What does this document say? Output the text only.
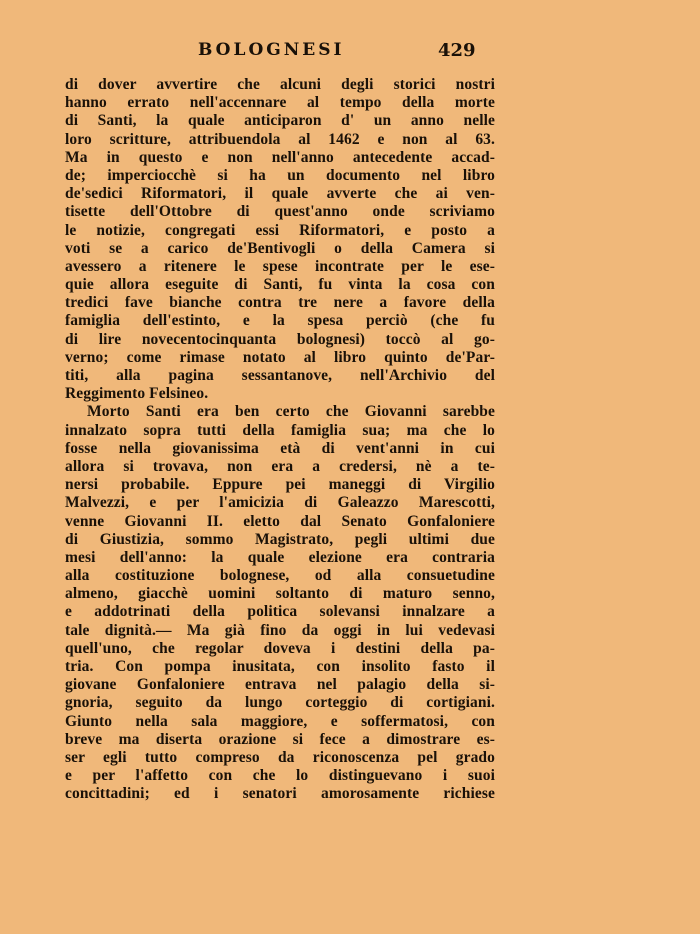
BOLOGNESI	429
di dover avvertire che alcuni degli storici nostri
hanno errato nell'accennare al tempo della morte
di Santi, la quale anticiparon d' un anno nelle
loro scritture, attribuendola al 1462 e non al 63.
Ma in questo e non nell'anno antecedente accad-
de; imperciocchè si ha un documento nel libro
de'sedici Riformatori, il quale avverte che ai ven-
tisette dell'Ottobre di quest'anno onde scriviamo
le notizie, congregati essi Riformatori, e posto a
voti se a carico de'Bentivogli o della Camera si
avessero a ritenere le spese incontrate per le ese-
quie allora eseguite di Santi, fu vinta la cosa con
tredici fave bianche contra tre nere a favore della
famiglia dell'estinto, e la spesa perciò (che fu
di lire novecentocinquanta bolognesi) toccò al go-
verno; come rimase notato al libro quinto de'Par-
titi, alla pagina sessantanove, nell'Archivio del
Reggimento Felsineo.
Morto Santi era ben certo che Giovanni sarebbe
innalzato sopra tutti della famiglia sua; ma che lo
fosse nella giovanissima età di vent'anni in cui
allora si trovava, non era a credersi, nè a te-
nersi probabile. Eppure pei maneggi di Virgilio
Malvezzi, e per l'amicizia di Galeazzo Marescotti,
venne Giovanni II. eletto dal Senato Gonfaloniere
di Giustizia, sommo Magistrato, pegli ultimi due
mesi dell'anno: la quale elezione era contraria
alla costituzione bolognese, od alla consuetudine
almeno, giacchè uomini soltanto di maturo senno,
e addotrinati della politica solevansi innalzare a
tale dignità.— Ma già fino da oggi in lui vedevasi
quell'uno, che regolar doveva i destini della pa-
tria. Con pompa inusitata, con insolito fasto il
giovane Gonfaloniere entrava nel palagio della si-
gnoria, seguito da lungo corteggio di cortigiani.
Giunto nella sala maggiore, e soffermatosi, con
breve ma diserta orazione si fece a dimostrare es-
ser egli tutto compreso da riconoscenza pel grado
e per l'affetto con che lo distinguevano i suoi
concittadini; ed i senatori amorosamente richiese
